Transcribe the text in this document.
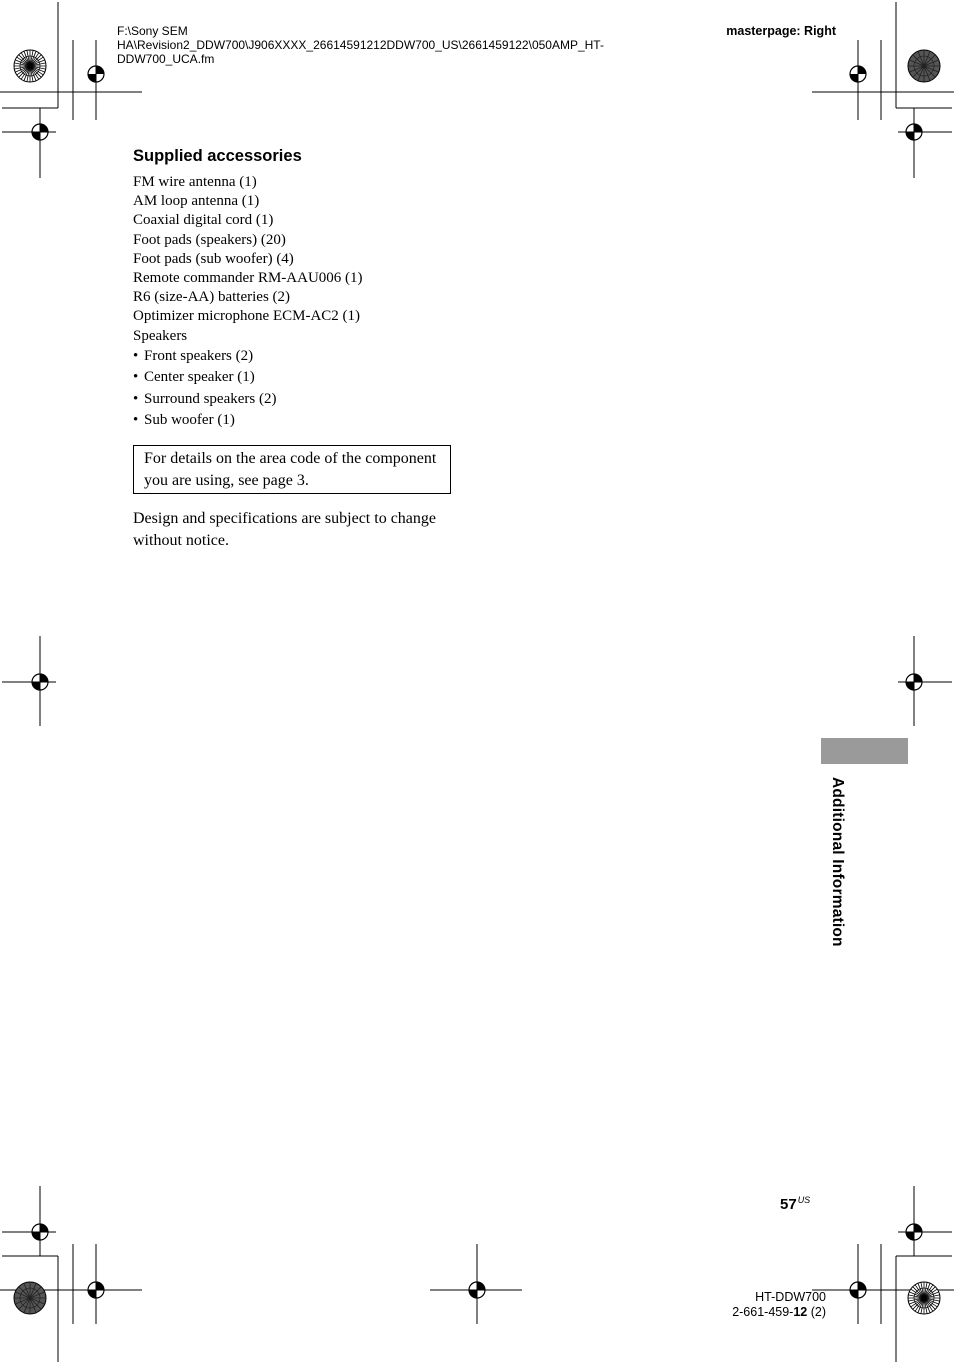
F:\Sony SEM
HA\Revision2_DDW700\J906XXXX_26614591212DDW700_US\2661459122\050AMP_HT-
DDW700_UCA.fm
masterpage: Right
Supplied accessories
FM wire antenna (1)
AM loop antenna (1)
Coaxial digital cord (1)
Foot pads (speakers) (20)
Foot pads (sub woofer) (4)
Remote commander RM-AAU006 (1)
R6 (size-AA) batteries (2)
Optimizer microphone ECM-AC2 (1)
Speakers
• Front speakers (2)
• Center speaker (1)
• Surround speakers (2)
• Sub woofer (1)
For details on the area code of the component you are using, see page 3.
Design and specifications are subject to change without notice.
Additional Information
$57^{US}$
HT-DDW700
2-661-459-12 (2)
